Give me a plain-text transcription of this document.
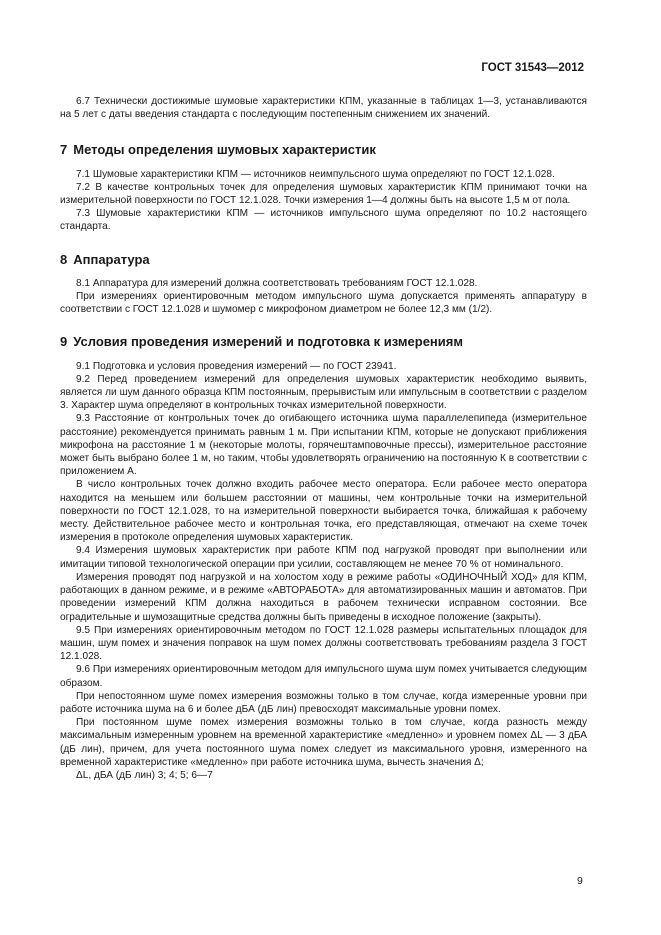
ГОСТ 31543—2012

6.7 Технически достижимые шумовые характеристики КПМ, указанные в таблицах 1—3, устанавливаются на 5 лет с даты введения стандарта с последующим постепенным снижением их значений.

7 Методы определения шумовых характеристик

7.1 Шумовые характеристики КПМ — источников неимпульсного шума определяют по ГОСТ 12.1.028.

7.2 В качестве контрольных точек для определения шумовых характеристик КПМ принимают точки на измерительной поверхности по ГОСТ 12.1.028. Точки измерения 1—4 должны быть на высоте 1,5 м от пола.

7.3 Шумовые характеристики КПМ — источников импульсного шума определяют по 10.2 настоящего стандарта.

8 Аппаратура

8.1 Аппаратура для измерений должна соответствовать требованиям ГОСТ 12.1.028.

При измерениях ориентировочным методом импульсного шума допускается применять аппаратуру в соответствии с ГОСТ 12.1.028 и шумомер с микрофоном диаметром не более 12,3 мм (1/2).

9 Условия проведения измерений и подготовка к измерениям

9.1 Подготовка и условия проведения измерений — по ГОСТ 23941.

9.2 Перед проведением измерений для определения шумовых характеристик необходимо выявить, является ли шум данного образца КПМ постоянным, прерывистым или импульсным в соответствии с разделом 3. Характер шума определяют в контрольных точках измерительной поверхности.

9.3 Расстояние от контрольных точек до огибающего источника шума параллелепипеда (измерительное расстояние) рекомендуется принимать равным 1 м. При испытании КПМ, которые не допускают приближения микрофона на расстояние 1 м (некоторые молоты, горячештамповочные прессы), измерительное расстояние может быть выбрано более 1 м, но таким, чтобы удовлетворять ограничению на постоянную К в соответствии с приложением А.

В число контрольных точек должно входить рабочее место оператора. Если рабочее место оператора находится на меньшем или большем расстоянии от машины, чем контрольные точки на измерительной поверхности по ГОСТ 12.1.028, то на измерительной поверхности выбирается точка, ближайшая к рабочему месту. Действительное рабочее место и контрольная точка, его представляющая, отмечают на схеме точек измерения в протоколе определения шумовых характеристик.

9.4 Измерения шумовых характеристик при работе КПМ под нагрузкой проводят при выполнении или имитации типовой технологической операции при усилии, составляющем не менее 70 % от номинального.

Измерения проводят под нагрузкой и на холостом ходу в режиме работы «ОДИНОЧНЫЙ ХОД» для КПМ, работающих в данном режиме, и в режиме «АВТОРАБОТА» для автоматизированных машин и автоматов. При проведении измерений КПМ должна находиться в рабочем технически исправном состоянии. Все оградительные и шумозащитные средства должны быть приведены в исходное положение (закрыты).

9.5 При измерениях ориентировочным методом по ГОСТ 12.1.028 размеры испытательных площадок для машин, шум помех и значения поправок на шум помех должны соответствовать требованиям раздела 3 ГОСТ 12.1.028.

9.6 При измерениях ориентировочным методом для импульсного шума шум помех учитывается следующим образом.

При непостоянном шуме помех измерения возможны только в том случае, когда измеренные уровни при работе источника шума на 6 и более дБА (дБ лин) превосходят максимальные уровни помех.

При постоянном шуме помех измерения возможны только в том случае, когда разность между максимальным измеренным уровнем на временной характеристике «медленно» и уровнем помех ΔL — 3 дБА (дБ лин), причем, для учета постоянного шума помех следует из максимального уровня, измеренного на временной характеристике «медленно» при работе источника шума, вычесть значения Δ;

ΔL, дБА (дБ лин) 3; 4; 5; 6—7

9
